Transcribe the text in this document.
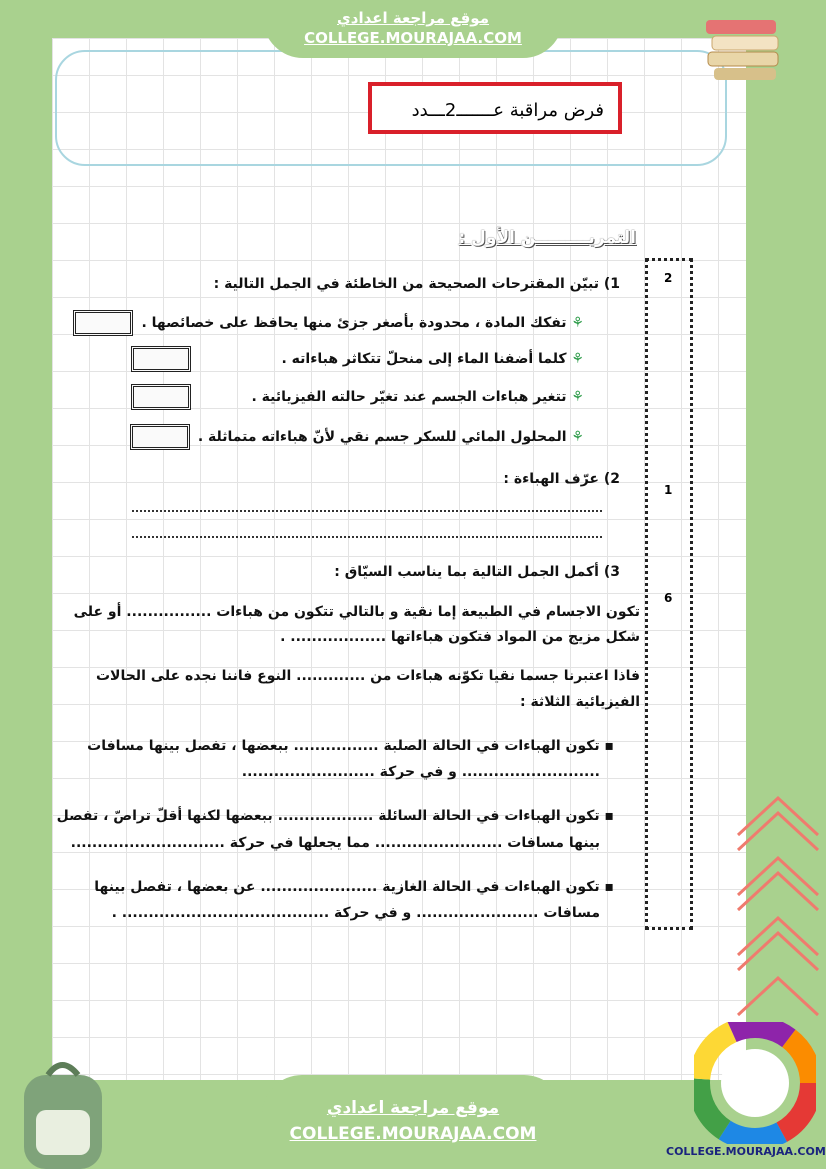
موقع مراجعة اعدادي
COLLEGE.MOURAJAA.COM
فرض مراقبة عـــــــ2ـــدد
التمريـــــــــن الأول :
2
1
6
1) تبيّن المقترحات الصحيحة من الخاطئة في الجمل التالية :
⚘ تفكك المادة ، محدودة بأصغر جزئ منها يحافظ على خصائصها .
⚘ كلما أضفنا الماء إلى منحلّ تتكاثر هباءاته .
⚘ تتغير هباءات الجسم عند تغيّر حالته الفيزيائية .
⚘ المحلول المائي للسكر جسم نقي لأنّ هباءاته متماثلة .
2) عرّف الهباءة :
3) أكمل الجمل التالية بما يناسب السيّاق :
تكون الاجسام في الطبيعة إما نقية و بالتالي تتكون من هباءات ................ أو على
شكل مزيج من المواد فتكون هباءاتها .................. .
فاذا اعتبرنا جسما نقيا تكوّنه هباءات من ............. النوع فاننا نجده على الحالات
الفيزيائية الثلاثة :
▪ تكون الهباءات في الحالة الصلبة ................ ببعضها ، تفصل بينها مسافات
.......................... و في حركة .........................
▪ تكون الهباءات في الحالة السائلة .................. ببعضها لكنها أقلّ تراصّ ، تفصل
بينها مسافات ........................ مما يجعلها في حركة .............................
▪ تكون الهباءات في الحالة الغازية ...................... عن بعضها ، تفصل بينها
مسافات ....................... و في حركة ....................................... .
موقع مراجعة اعدادي
COLLEGE.MOURAJAA.COM
COLLEGE.MOURAJAA.COM
